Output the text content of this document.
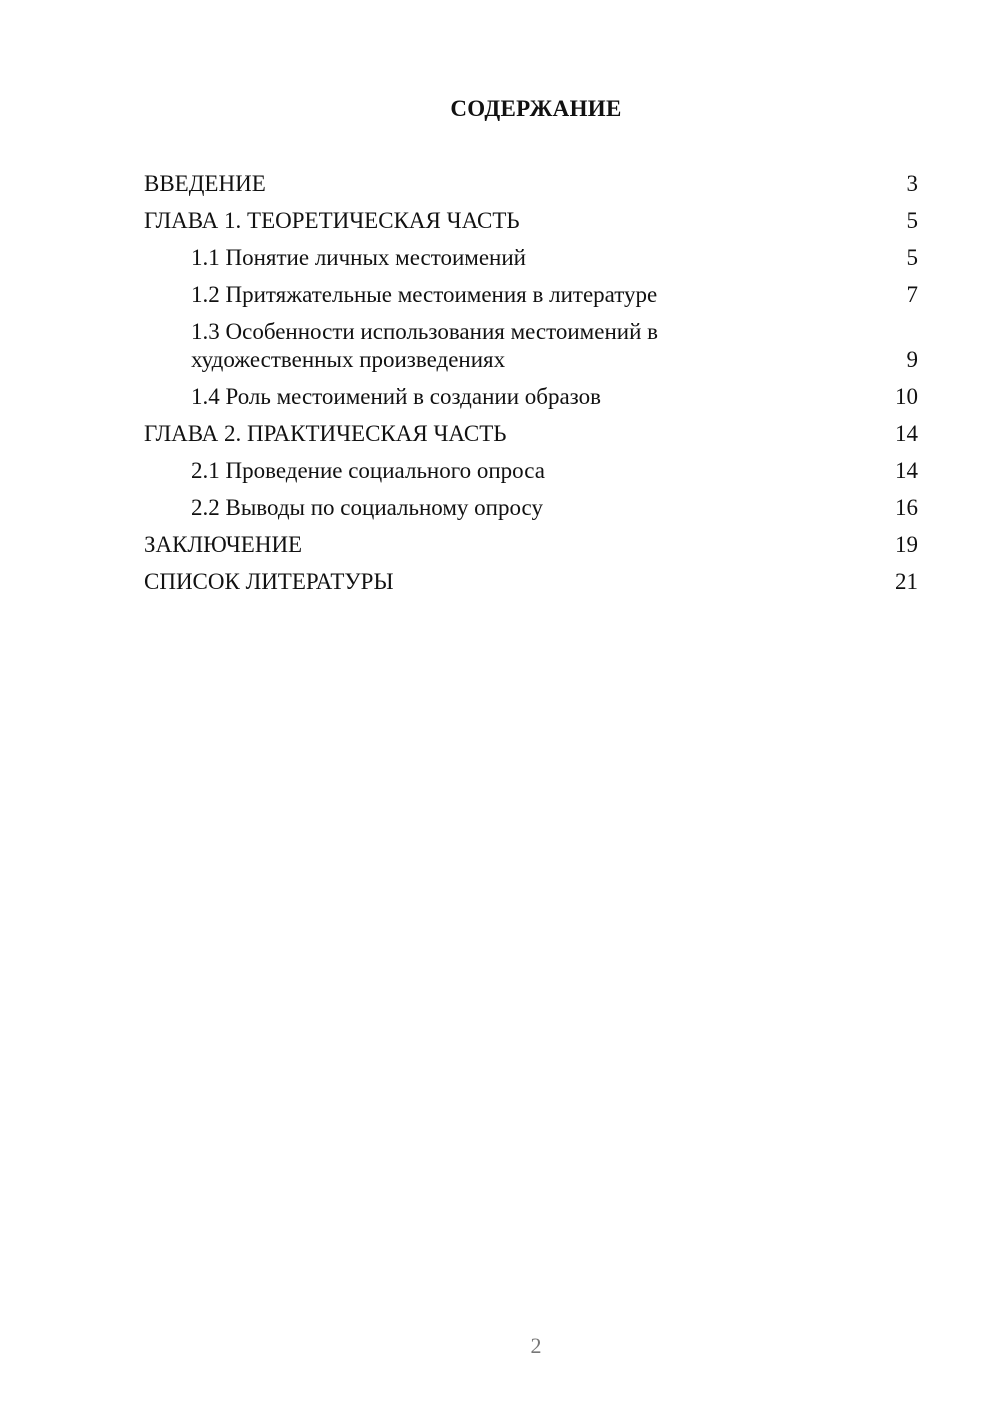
СОДЕРЖАНИЕ
ВВЕДЕНИЕ	3
ГЛАВА 1. ТЕОРЕТИЧЕСКАЯ ЧАСТЬ	5
1.1 Понятие личных местоимений	5
1.2 Притяжательные местоимения в литературе	7
1.3 Особенности использования местоимений в художественных произведениях	9
1.4 Роль местоимений в создании образов	10
ГЛАВА 2. ПРАКТИЧЕСКАЯ ЧАСТЬ	14
2.1 Проведение социального опроса	14
2.2 Выводы по социальному опросу	16
ЗАКЛЮЧЕНИЕ	19
СПИСОК ЛИТЕРАТУРЫ	21
2
